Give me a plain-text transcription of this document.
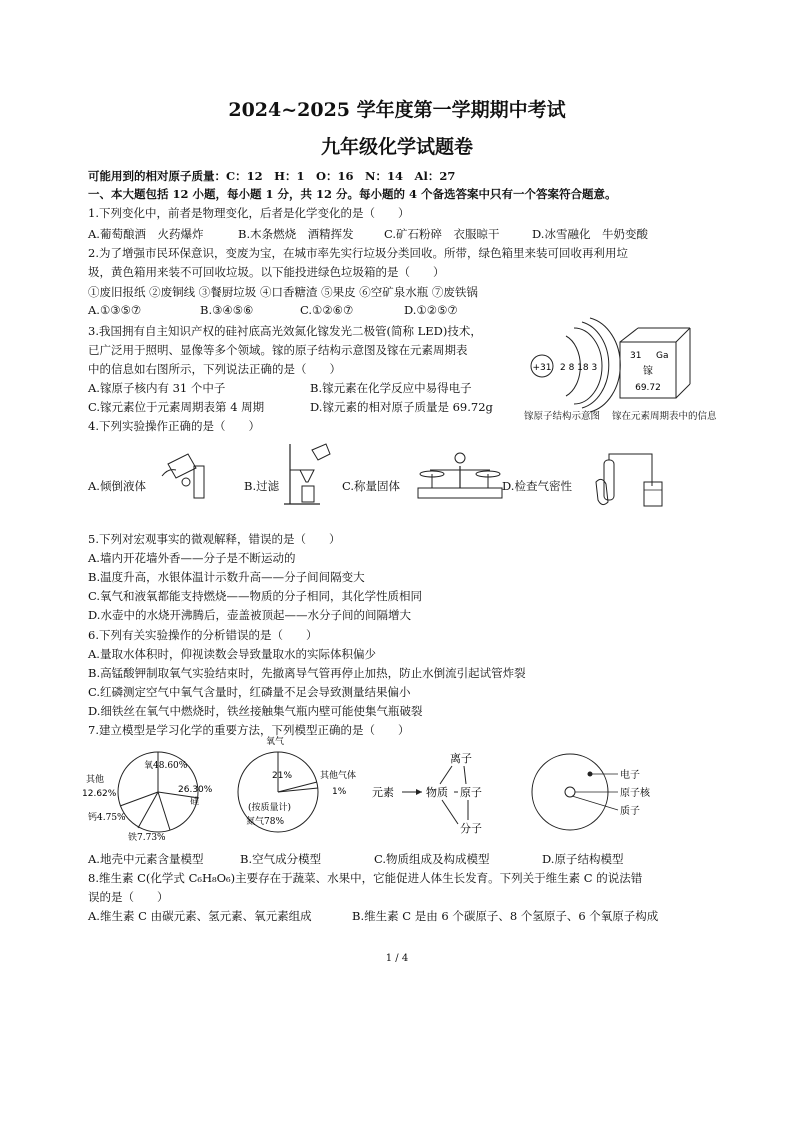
2024~2025 学年度第一学期期中考试
九年级化学试题卷
可能用到的相对原子质量：C：12　H：1　O：16　N：14　Al：27
一、本大题包括 12 小题，每小题 1 分，共 12 分。每小题的 4 个备选答案中只有一个答案符合题意。
1.下列变化中，前者是物理变化，后者是化学变化的是（　　）
A.葡萄酿酒　火药爆炸	B.木条燃烧　酒精挥发	C.矿石粉碎　衣服晾干	D.冰雪融化　牛奶变酸
2.为了增强市民环保意识，变废为宝，在城市率先实行垃圾分类回收。所带，绿色箱里来装可回收再利用垃
圾，黄色箱用来装不可回收垃圾。以下能投进绿色垃圾箱的是（　　）
①废旧报纸 ②废铜线 ③餐厨垃圾 ④口香糖渣 ⑤果皮 ⑥空矿泉水瓶 ⑦废铁锅
A.①③⑤⑦	B.③④⑤⑥	C.①②⑥⑦	D.①②⑤⑦
3.我国拥有自主知识产权的硅衬底高光效氮化镓发光二极管(简称 LED)技术，
已广泛用于照明、显像等多个领域。镓的原子结构示意图及镓在元素周期表
中的信息如右图所示，下列说法正确的是（　　）
A.镓原子核内有 31 个中子	B.镓元素在化学反应中易得电子
C.镓元素位于元素周期表第 4 周期	D.镓元素的相对原子质量是 69.72g
+31 2 8 18 3
镓原子结构示意图
31 Ga
镓
69.72
镓在元素周期表中的信息
4.下列实验操作正确的是（　　）
A.倾倒液体	B.过滤	C.称量固体	D.检查气密性
5.下列对宏观事实的微观解释，错误的是（　　）
A.墙内开花墙外香——分子是不断运动的
B.温度升高，水银体温计示数升高——分子间间隔变大
C.氧气和液氧都能支持燃烧——物质的分子相同，其化学性质相同
D.水壶中的水烧开沸腾后，壶盖被顶起——水分子间的间隔增大
6.下列有关实验操作的分析错误的是（　　）
A.量取水体积时，仰视读数会导致量取水的实际体积偏少
B.高锰酸钾制取氧气实验结束时，先撤离导气管再停止加热，防止水倒流引起试管炸裂
C.红磷测定空气中氧气含量时，红磷量不足会导致测量结果偏小
D.细铁丝在氧气中燃烧时，铁丝接触集气瓶内壁可能使集气瓶破裂
7.建立模型是学习化学的重要方法，下列模型正确的是（　　）
氧48.60%
其他
12.62%	26.30%
硅
钙4.75%
铁7.73%
氧气
21%	其他气体
1%
(按质量计)
氮气78%
元素	物质
离子
原子
分子
电子
原子核
质子
A.地壳中元素含量模型	B.空气成分模型	C.物质组成及构成模型	D.原子结构模型
8.维生素 C(化学式 C₆H₈O₆)主要存在于蔬菜、水果中，它能促进人体生长发育。下列关于维生素 C 的说法错
误的是（　　）
A.维生素 C 由碳元素、氢元素、氧元素组成	B.维生素 C 是由 6 个碳原子、8 个氢原子、6 个氧原子构成
1 / 4
